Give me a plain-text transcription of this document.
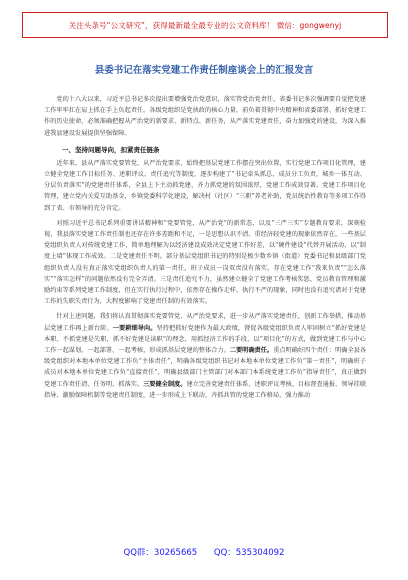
关注头条号“公文研究”，获得最新最全最专业的公文资料库！ 微信：gongwenyj
县委书记在落实党建工作责任制座谈会上的汇报发言

党的十八大以来，习近平总书记多次提出要增强党治党意识，落实管党治党责任，省委书记多次强调要自觉把党建工作牢牢扛在肩上抓在手上负起责任。各级党组织是党执政的核心力量，前负着贯彻中央精神和省委部署、抓好党建工作的历史使命，必须准确把握从严治党的新要求、新特点、新任务，从严落实党建责任，奋力加强党的建设，为深入推进我县建设发展提供坚强保障。

一、坚持问题导向，扣紧责任链条

近年来，县从严落实党要管党、从严治党要求，始终把基层党建工作摆在突出位置，实行党建工作项目化管理，建立健全党建工作目标任务、述职评议、责任追究等制度，逐步构建了“书记牵头抓总，成员分工负责，城乡一体互动、分层负责落实”的党建责任体系，全县上下主动抓党建、齐力抓党建的氛围浓厚，党建工作成效显著。党建工作项目化管理，建立党内关爱互助基金，乡镇党委科学化建设，解决村（社区）“三职”养老补助，党员统治性教育等多项工作得到了省、市领导的充分肯定。

对照习近平总书记系列重要讲话精神和“党要管党，从严治党”的新常态，以及“三严三实”专题教育要求，深刻检视，我县落实党建工作责任制也还存在许多差距和不足，一是思想认识不清。重经济轻党建的现象依然存在，一些基层党组织负责人对传统党建工作，简单地理解为以经济建设成效决定党建工作好差，以“硬件建设”代替开展活动、以“制度上墙”体现工作成效。二是党建责任不明。部分基层党组织书记的特别是极少数乡镇（街道）党委书记和县级部门党组织负责人没有真正落实党组织负责人的第一责任，班子成员一岗双责没有落实，存在党建工作“我来负责”“怎么落实”“落实怎样”的问题依然没有完全弄清。三是责任追究不力，虽然建立健全了党建工作考核奖惩、党员教育管理和激励约束等系列党建工作制度，但在实行执行过程中，依然存在操作走样、执行不严的现象，同时也没有追究诸对于党建工作的失职失责行为，大程度影响了党建责任制的有效落实。

针对上述问题，我们将认真贯彻落实党要管党、从严治党要求，进一步从严落实党建责任，创新工作举措，推动基层党建工作再上新台阶。一要耕细导向。坚持把抓好党建作为最大政绩，督促各级党组织负责人牢固树立“抓好党建是本职、不抓党建是失职，抓不好党建是渎职”的理念，用抓经济工作的手段，以“项目化”的方式，做到党建工作与中心工作一起谋划，一起部署，一起考核，形成抓基层党建的整体合力。二要明确责任。重点明确好四个责任：明确全县各级党组织对本地本单位党建工作负“主体责任”，明确各级党组织书记对本地本单位党建工作负“第一责任”，明确班子成员对本地本单位党建工作负“直接责任”，明确县级部门主管部门对本部门本系统党建工作负“指导责任”，真正做到党建工作责任清、任务明、抓落实。三要健全制度。建立完善党建责任体系、述职评议考核、目标督查通报、领导挂联指导、激励保障机制等党建责任制度，进一步形成上下联动、齐抓共管的党建工作格局，强力推动

QQ群：30265665 QQ：535304092
